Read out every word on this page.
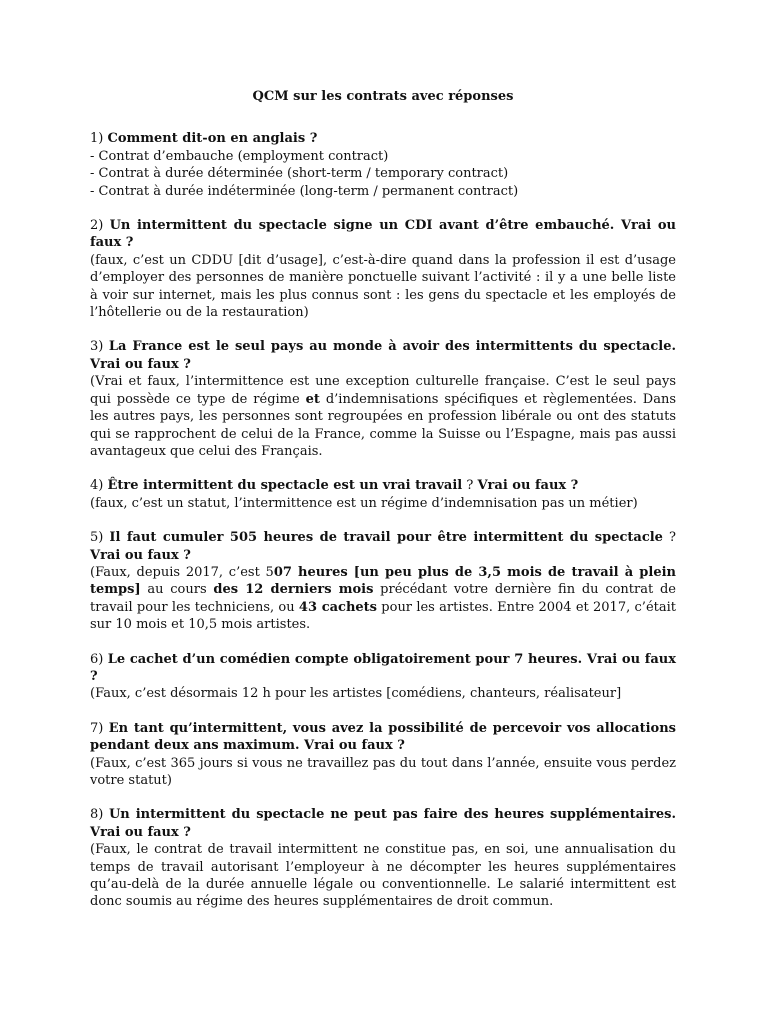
QCM sur les contrats avec réponses

1) Comment dit-on en anglais ?

- Contrat d’embauche (employment contract)
- Contrat à durée déterminée (short-term / temporary contract)
- Contrat à durée indéterminée (long-term / permanent contract)

2) Un intermittent du spectacle signe un CDI avant d’être embauché. Vrai ou faux ?

(faux, c’est un CDDU [dit d’usage], c’est-à-dire quand dans la profession il est d’usage d’employer des personnes de manière ponctuelle suivant l’activité : il y a une belle liste à voir sur internet, mais les plus connus sont : les gens du spectacle et les employés de l’hôtellerie ou de la restauration)

3) La France est le seul pays au monde à avoir des intermittents du spectacle. Vrai ou faux ?

(Vrai et faux, l’intermittence est une exception culturelle française. C’est le seul pays qui possède ce type de régime et d’indemnisations spécifiques et règlementées. Dans les autres pays, les personnes sont regroupées en profession libérale ou ont des statuts qui se rapprochent de celui de la France, comme la Suisse ou l’Espagne, mais pas aussi avantageux que celui des Français.

4) Être intermittent du spectacle est un vrai travail ? Vrai ou faux ?

(faux, c’est un statut, l’intermittence est un régime d’indemnisation pas un métier)

5) Il faut cumuler 505 heures de travail pour être intermittent du spectacle ? Vrai ou faux ?

(Faux, depuis 2017, c’est 507 heures [un peu plus de 3,5 mois de travail à plein temps] au cours des 12 derniers mois précédant votre dernière fin du contrat de travail pour les techniciens, ou 43 cachets pour les artistes. Entre 2004 et 2017, c’était sur 10 mois et 10,5 mois artistes.

6) Le cachet d’un comédien compte obligatoirement pour 7 heures. Vrai ou faux ?

(Faux, c’est désormais 12 h pour les artistes [comédiens, chanteurs, réalisateur]

7) En tant qu’intermittent, vous avez la possibilité de percevoir vos allocations pendant deux ans maximum. Vrai ou faux ?

(Faux, c’est 365 jours si vous ne travaillez pas du tout dans l’année, ensuite vous perdez votre statut)

8) Un intermittent du spectacle ne peut pas faire des heures supplémentaires. Vrai ou faux ?

(Faux, le contrat de travail intermittent ne constitue pas, en soi, une annualisation du temps de travail autorisant l’employeur à ne décompter les heures supplémentaires qu’au-delà de la durée annuelle légale ou conventionnelle. Le salarié intermittent est donc soumis au régime des heures supplémentaires de droit commun.
